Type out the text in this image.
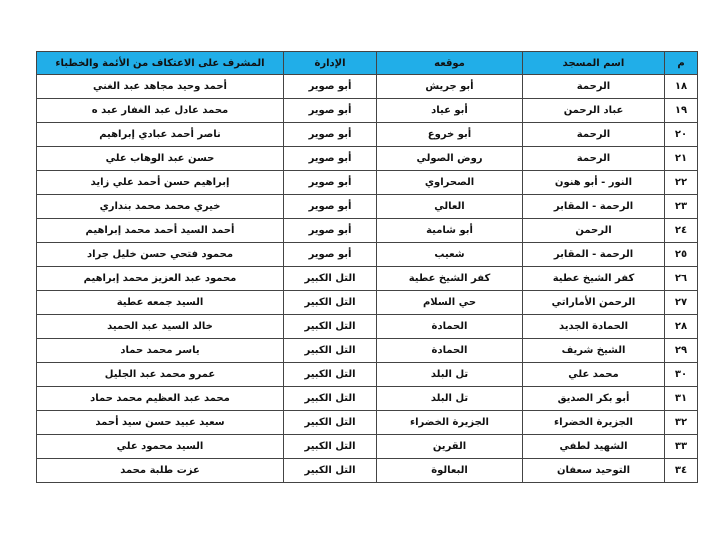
م	اسم المسجد	موقعه	الإدارة	المشرف على الاعتكاف من الأئمة والخطباء
١٨	الرحمة	أبو جريش	أبو صوير	أحمد وحيد مجاهد عبد الغني
١٩	عباد الرحمن	أبو عياد	أبو صوير	محمد عادل عبد الغفار عبد ه
٢٠	الرحمة	أبو خروع	أبو صوير	ناصر أحمد عبادي إبراهيم
٢١	الرحمة	روض الصولي	أبو صوير	حسن عبد الوهاب علي
٢٢	النور - أبو هنون	الصحراوي	أبو صوير	إبراهيم حسن أحمد علي زايد
٢٣	الرحمة - المقابر	العالي	أبو صوير	خيري محمد محمد بنداري
٢٤	الرحمن	أبو شامية	أبو صوير	أحمد السيد أحمد محمد إبراهيم
٢٥	الرحمة - المقابر	شعيب	أبو صوير	محمود فتحي حسن خليل جراد
٢٦	كفر الشيخ عطية	كفر الشيخ عطية	التل الكبير	محمود عبد العزيز محمد إبراهيم
٢٧	الرحمن الأماراتي	حي السلام	التل الكبير	السيد جمعه عطية
٢٨	الحمادة الجديد	الحمادة	التل الكبير	خالد السيد عبد الحميد
٢٩	الشيخ شريف	الحمادة	التل الكبير	ياسر محمد حماد
٣٠	محمد علي	تل البلد	التل الكبير	عمرو محمد عبد الجليل
٣١	أبو بكر الصديق	تل البلد	التل الكبير	محمد عبد العظيم محمد حماد
٣٢	الجزيرة الخضراء	الجزيرة الخضراء	التل الكبير	سعيد عبيد حسن سيد أحمد
٣٣	الشهيد لطفي	القرين	التل الكبير	السيد محمود علي
٣٤	التوحيد سعفان	البعالوة	التل الكبير	عزت طلبة محمد
